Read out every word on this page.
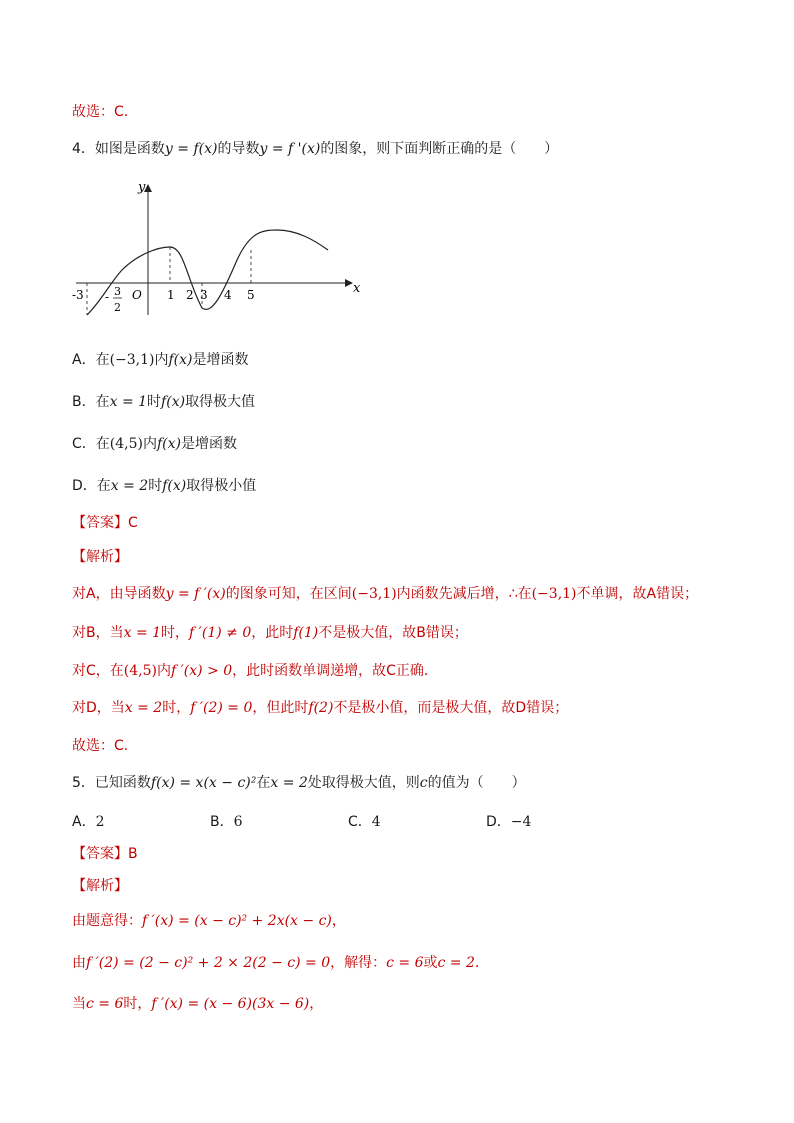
故选：C.
4．如图是函数y = f(x)的导数y = f '(x)的图象，则下面判断正确的是（　　）
y
x
O
-3 - 3
2
1 2 3 4 5
A．在(−3,1)内f(x)是增函数
B．在x = 1时f(x)取得极大值
C．在(4,5)内f(x)是增函数
D．在x = 2时f(x)取得极小值
【答案】C
【解析】
对A，由导函数y = f ′(x)的图象可知，在区间(−3,1)内函数先减后增，∴在(−3,1)不单调，故A错误；
对B，当x = 1时，f ′(1) ≠ 0，此时f(1)不是极大值，故B错误；
对C，在(4,5)内f ′(x) > 0，此时函数单调递增，故C正确．
对D，当x = 2时，f ′(2) = 0，但此时f(2)不是极小值，而是极大值，故D错误；
故选：C.
5．已知函数f(x) = x(x − c)²在x = 2处取得极大值，则c的值为（　　）
A．2	B．6	C．4	D．−4
【答案】B
【解析】
由题意得：f ′(x) = (x − c)² + 2x(x − c)，
由f ′(2) = (2 − c)² + 2 × 2(2 − c) = 0，解得：c = 6或c = 2．
当c = 6时，f ′(x) = (x − 6)(3x − 6)，
